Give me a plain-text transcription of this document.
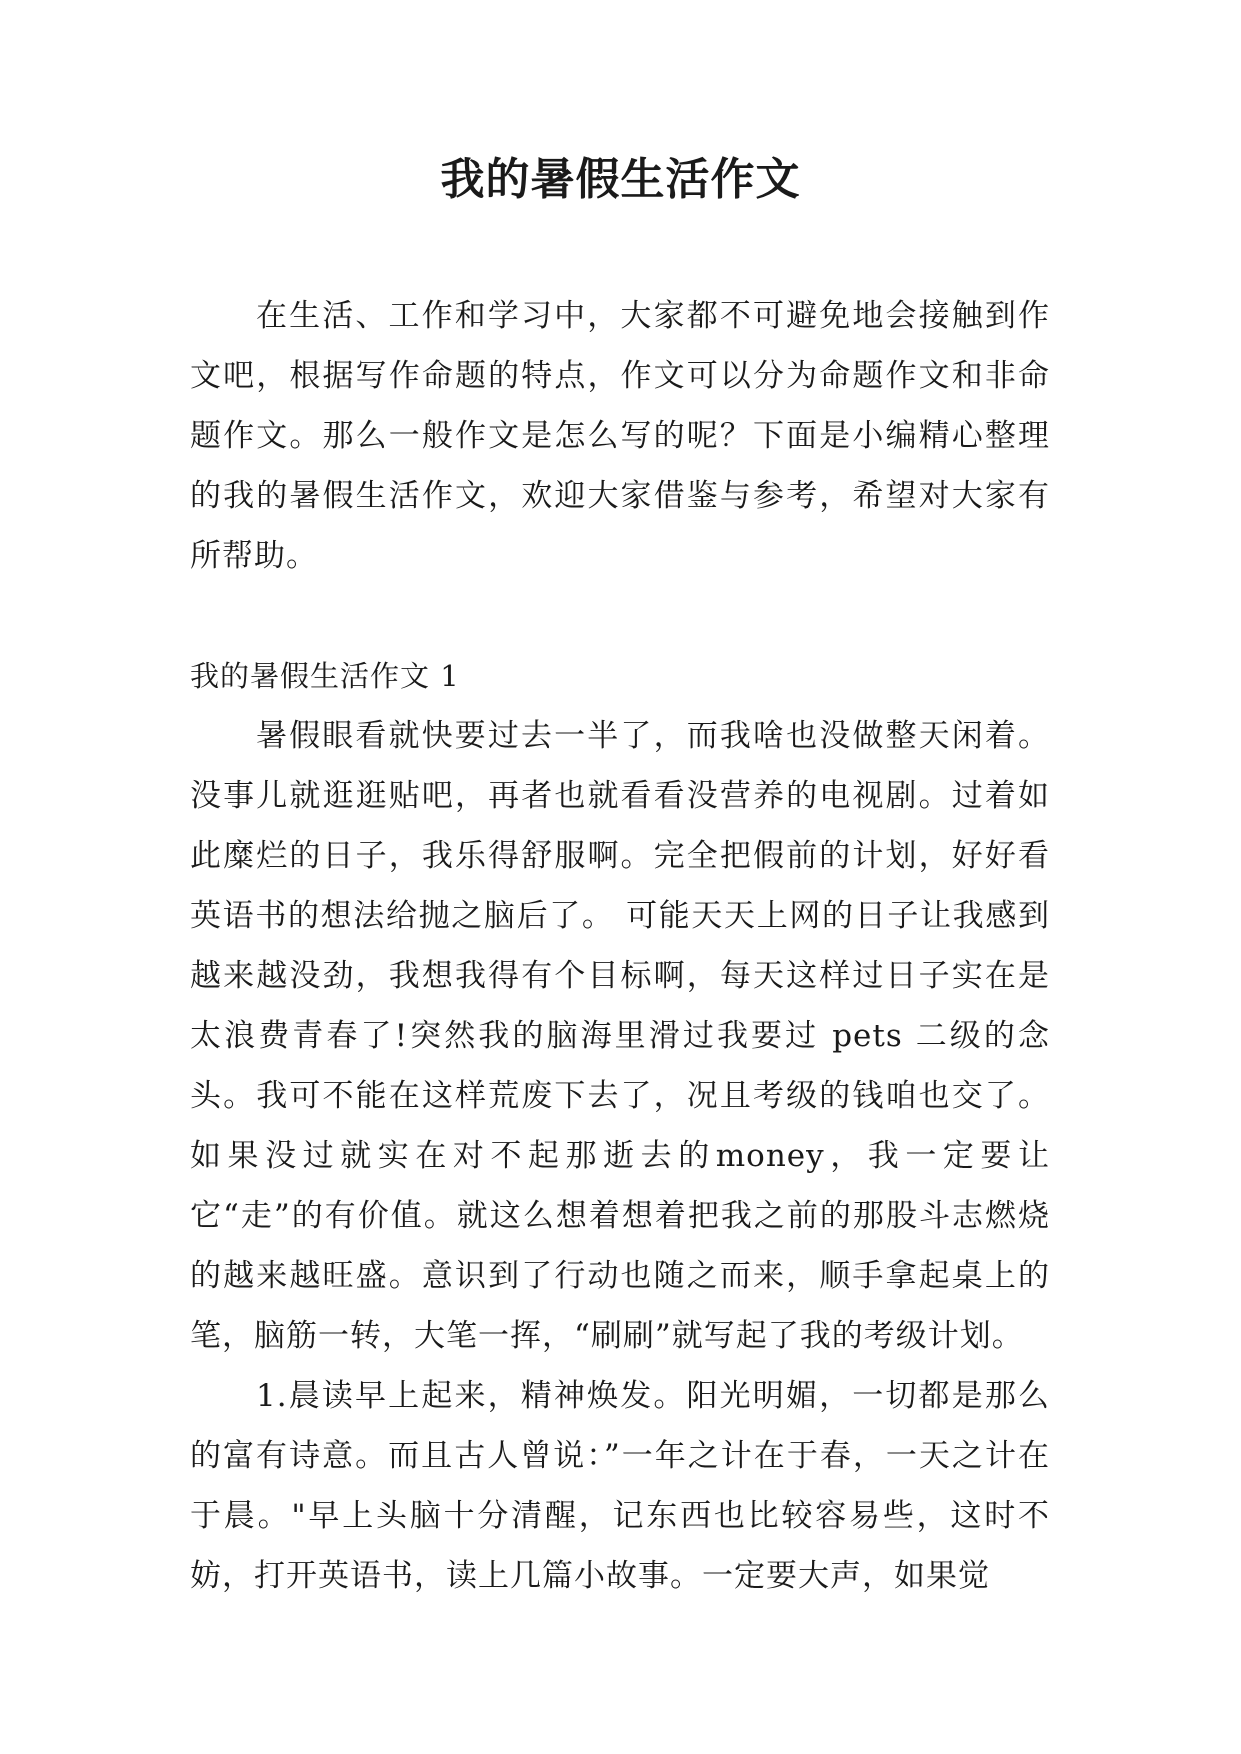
我的暑假生活作文

在生活、工作和学习中，大家都不可避免地会接触到作文吧，根据写作命题的特点，作文可以分为命题作文和非命题作文。那么一般作文是怎么写的呢？下面是小编精心整理的我的暑假生活作文，欢迎大家借鉴与参考，希望对大家有所帮助。

我的暑假生活作文 1

暑假眼看就快要过去一半了，而我啥也没做整天闲着。没事儿就逛逛贴吧，再者也就看看没营养的电视剧。过着如此糜烂的日子，我乐得舒服啊。完全把假前的计划，好好看英语书的想法给抛之脑后了。 可能天天上网的日子让我感到越来越没劲，我想我得有个目标啊，每天这样过日子实在是太浪费青春了!突然我的脑海里滑过我要过 pets 二级的念头。我可不能在这样荒废下去了，况且考级的钱咱也交了。如果没过就实在对不起那逝去的money，我一定要让它“走”的有价值。就这么想着想着把我之前的那股斗志燃烧的越来越旺盛。意识到了行动也随之而来，顺手拿起桌上的笔，脑筋一转，大笔一挥，“刷刷”就写起了我的考级计划。

1.晨读早上起来，精神焕发。阳光明媚，一切都是那么的富有诗意。而且古人曾说：”一年之计在于春，一天之计在于晨。"早上头脑十分清醒，记东西也比较容易些，这时不妨，打开英语书，读上几篇小故事。一定要大声，如果觉
